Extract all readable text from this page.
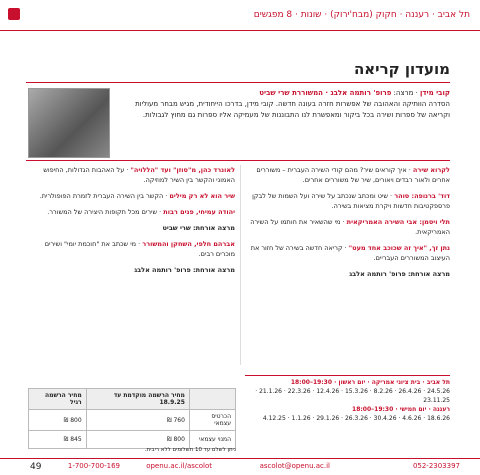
תל אביב · רעננה · חקוק (מבח'ירוק) · שונות · 8 מפגשים
מועדון קריאה
קובי מידן · מרצה: פרופ' רותמה אלבג · המשוררת שרי שביט
הסדרה הוותיקה והאהובה של אפשרות חזרה בעונה חדשה. קובי מידן, בדרכו הייחודית, מגיש מבחר מעוליות וקריאה של ספרות ושירה בכל ביקור ומאפשרת לנו התבוננות של מעמיקה אליו ספרות גם מחוץ לגבולות.

לקרוא שירה · איך קוראים שיר? מהם קודי השירה העברית – משוררים אחרים ולאור רבדים ויאורים, שיר של משוררים אחרים.

דוד' ברנופה: סוהר · שיט ומכתב שנכתב על שירה ועל השמות של לבקן פרספקטיבות חדשות ויקרת מציאות בשירה.

תלי ויסמן: אבי השירה האמריקאית · מי שהשאיר את חותמו על השירה האמריקאית.

נתן זך, "איך זה שכוכב אחד מעט" · קריאה חדשה בשירה של חזור את העיצוב המשוררים העבריים.

מרצה אורחת: פרופ' רותמה אלבג

לאונרד כהן, מ"סוזן" ועד "הללויה" · על האהבות הגדולות, החיפוש האמוני והקשר בין השיר למוזיקה.

שיר הוא לא רק מילים · הקשר בין השירה העברית לזמרת הפופולרית.

יהודה עמיחי, פנים רבות · שירים מכל תקופות היצירה של המשורר.

מרצה אורחת: שרי שביט

אברהם חלפי, השחקן והמשורר · מי שכתב את "חוכמת יומי" ושירים מוכרים רבים.

מרצה אורחת: פרופ' רותמה אלבג

תל אביב · בית ציוני אמריקה · יום ראשון · 19:30–18:00
24.5.26 · 26.4.26 · 8.2.26 · 15.3.26 · 12.4.26 · 22.3.26 · 21.1.26 · 23.11.25
רעננה · יום חמישי · 19:30–18:00
18.6.26 · 4.6.26 · 30.4.26 · 26.3.26 · 29.1.26 · 1.1.26 · 4.12.25
	מחיר הרשמה מוקדמת עד 18.9.25	מחיר הרשמה רגיל
הכרטיס עצמאי	760 ₪	800 ₪
המנוי עצמאי	800 ₪	845 ₪
ניתן לשלם עד 10 תשלומים ללא ריבית.
052-2303397
ascolot@openu.ac.il
openu.ac.il/ascolot
1-700-700-169
49
